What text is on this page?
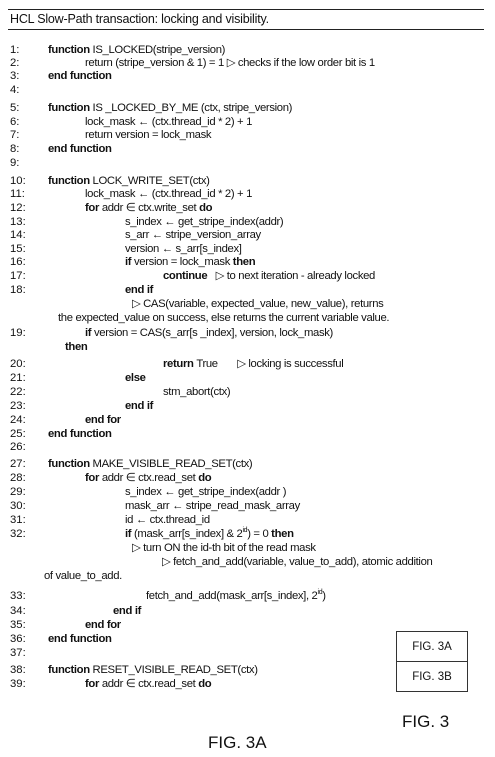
HCL Slow-Path transaction: locking and visibility.
1:	function IS_LOCKED(stripe_version)
2:	return (stripe_version & 1) = 1 ▷ checks if the low order bit is 1
3:	end function
4:
5:	function IS _LOCKED_BY_ME (ctx, stripe_version)
6:	lock_mask ← (ctx.thread_id * 2) + 1
7:	return version = lock_mask
8:	end function
9:
10:	function LOCK_WRITE_SET(ctx)
11:	lock_mask ← (ctx.thread_id * 2) + 1
12:	for addr ∈ ctx.write_set do
13:	s_index ← get_stripe_index(addr)
14:	s_arr ← stripe_version_array
15:	version ← s_arr[s_index]
16:	if version = lock_mask then
17:	continue   ▷ to next iteration - already locked
18:	end if
▷ CAS(variable, expected_value, new_value), returns
the expected_value on success, else returns the current variable value.
19:	if version = CAS(s_arr[s _index], version, lock_mask)
then
20:	return True       ▷ locking is successful
21:	else
22:	stm_abort(ctx)
23:	end if
24:	end for
25:	end function
26:
27:	function MAKE_VISIBLE_READ_SET(ctx)
28:	for addr ∈ ctx.read_set do
29:	s_index ← get_stripe_index(addr )
30:	mask_arr ← stripe_read_mask_array
31:	id ← ctx.thread_id
32:	if (mask_arr[s_index] & $2^{id}) = 0$ then
▷ turn ON the id-th bit of the read mask
▷ fetch_and_add(variable, value_to_add), atomic addition
of value_to_add.
33:	fetch_and_add(mask_arr[s_index], $2^{id}$)
34:	end if
35:	end for
36:	end function
37:
38:	function RESET_VISIBLE_READ_SET(ctx)
39:	for addr ∈ ctx.read_set do
FIG. 3A
FIG. 3B
FIG. 3
FIG. 3A
